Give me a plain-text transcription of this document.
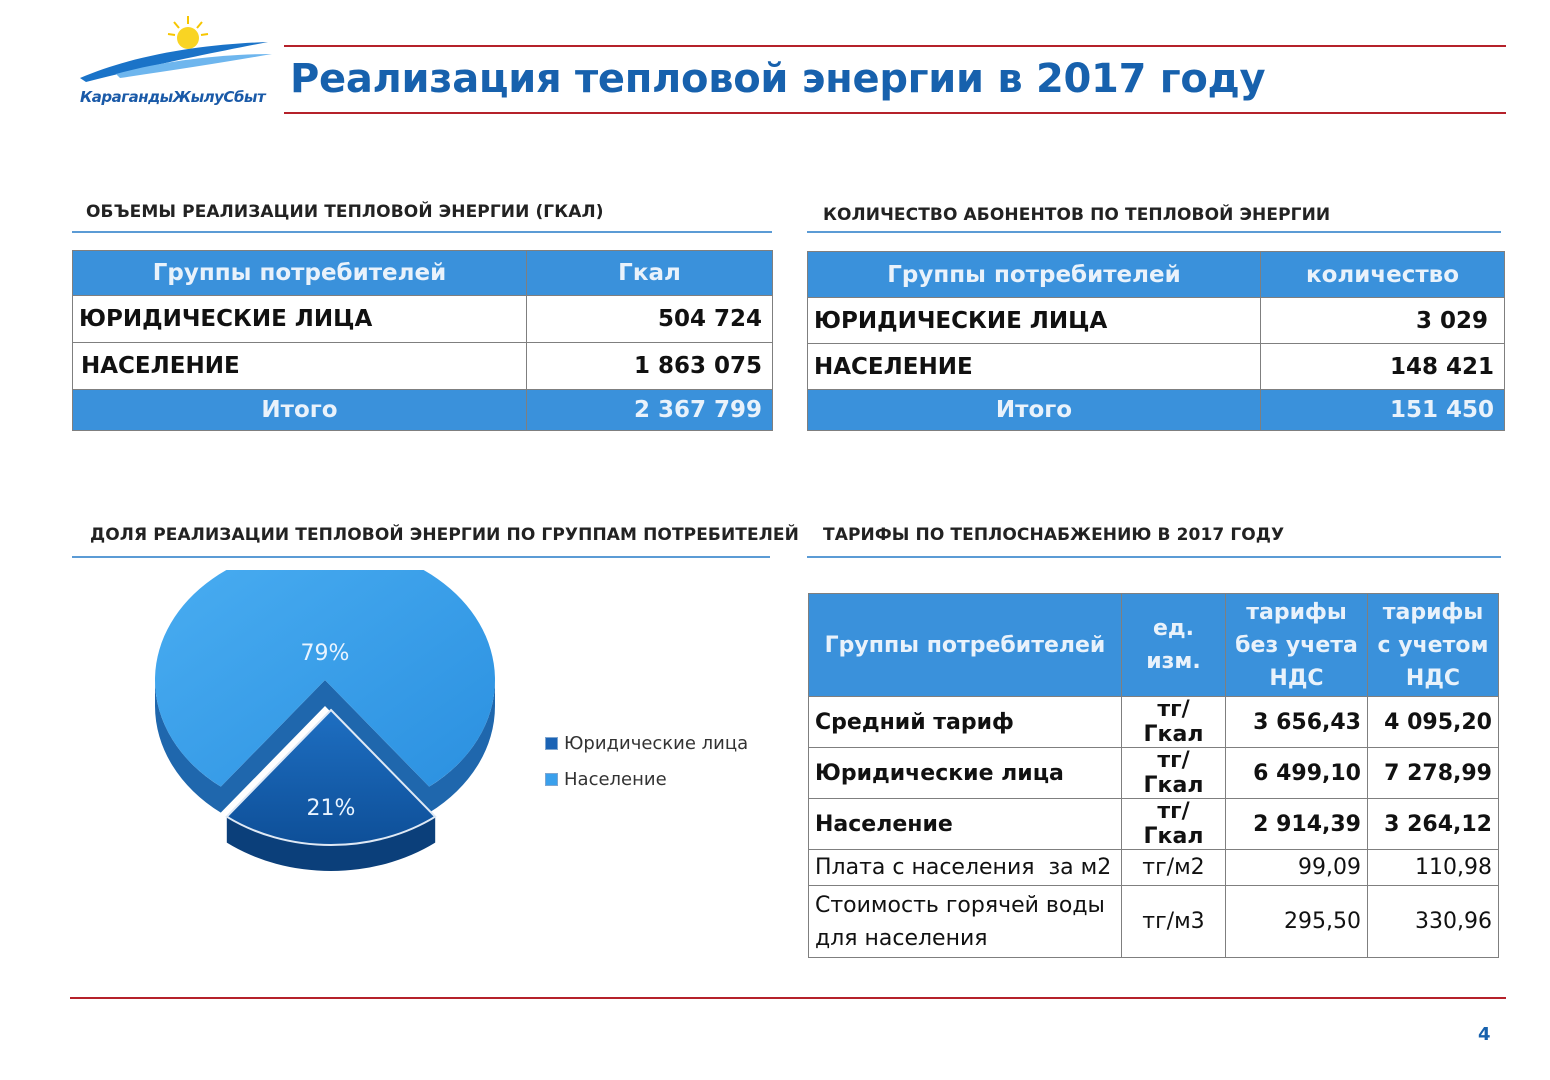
КарагандыЖылуСбыт Реализация тепловой энергии в 2017 году
ОБЪЕМЫ РЕАЛИЗАЦИИ ТЕПЛОВОЙ ЭНЕРГИИ (ГКАЛ)
Группы потребителей	Гкал
ЮРИДИЧЕСКИЕ ЛИЦА	504 724
НАСЕЛЕНИЕ	1 863 075
Итого	2 367 799
КОЛИЧЕСТВО АБОНЕНТОВ ПО ТЕПЛОВОЙ ЭНЕРГИИ
Группы потребителей	количество
ЮРИДИЧЕСКИЕ ЛИЦА	3 029
НАСЕЛЕНИЕ	148 421
Итого	151 450
ДОЛЯ РЕАЛИЗАЦИИ ТЕПЛОВОЙ ЭНЕРГИИ ПО ГРУППАМ ПОТРЕБИТЕЛЕЙ
79%
21%
Юридические лица
Население
ТАРИФЫ ПО ТЕПЛОСНАБЖЕНИЮ В 2017 ГОДУ
Группы потребителей	ед. изм.	тарифы без учета НДС	тарифы с учетом НДС
Средний тариф	тг/Гкал	3 656,43	4 095,20
Юридические лица	тг/Гкал	6 499,10	7 278,99
Население	тг/Гкал	2 914,39	3 264,12
Плата с населения  за м2	тг/м2	99,09	110,98
Стоимость горячей воды для населения	тг/м3	295,50	330,96
4
